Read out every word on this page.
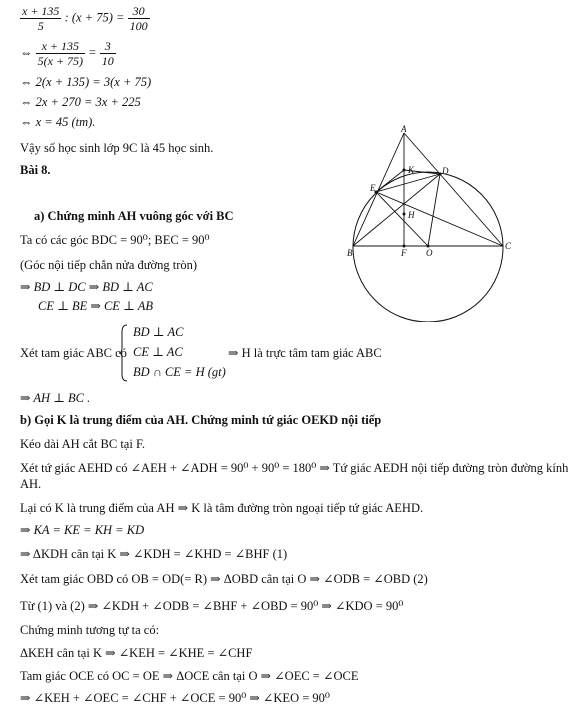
$\frac{x + 135}{5}$ : $(x + 75) = \frac{30}{100}$
⇔ $\frac{x + 135}{5(x + 75)} = \frac{3}{10}$
⇔ 2(x + 135) = 3(x + 75)
⇔ 2x + 270 = 3x + 225
⇔ x = 45 (tm).
Vậy số học sinh lớp 9C là 45 học sinh.
Bài 8.
a) Chứng minh AH vuông góc với BC
Ta có các góc BDC = 90⁰; BEC = 90⁰
(Góc nội tiếp chắn nửa đường tròn)
⇒ BD ⊥ DC ⇒ BD ⊥ AC
CE ⊥ BE ⇒ CE ⊥ AB
Xét tam giác ABC có
BD ⊥ AC
CE ⊥ AC
BD ∩ CE = H (gt)
⇒ H là trực tâm tam giác ABC
⇒ AH ⊥ BC .
b) Gọi K là trung điểm của AH. Chứng minh tứ giác OEKD nội tiếp
Kéo dài AH cắt BC tại F.
Xét tứ giác AEHD có ∠AEH + ∠ADH = 90⁰ + 90⁰ = 180⁰ ⇒ Tứ giác AEDH nội tiếp đường tròn đường kính
AH.
Lại có K là trung điểm của AH ⇒ K là tâm đường tròn ngoại tiếp tứ giác AEHD.
⇒ KA = KE = KH = KD
⇒ ΔKDH cân tại K ⇒ ∠KDH = ∠KHD = ∠BHF (1)
Xét tam giác OBD có OB = OD(= R) ⇒ ΔOBD cân tại O ⇒ ∠ODB = ∠OBD (2)
Từ (1) và (2) ⇒ ∠KDH + ∠ODB = ∠BHF + ∠OBD = 90⁰ ⇒ ∠KDO = 90⁰
Chứng minh tương tự ta có:
ΔKEH cân tại K ⇒ ∠KEH = ∠KHE = ∠CHF
Tam giác OCE có OC = OE ⇒ ΔOCE cân tại O ⇒ ∠OEC = ∠OCE
⇒ ∠KEH + ∠OEC = ∠CHF + ∠OCE = 90⁰ ⇒ ∠KEO = 90⁰
A
K	D
E
H
B	F O
C
